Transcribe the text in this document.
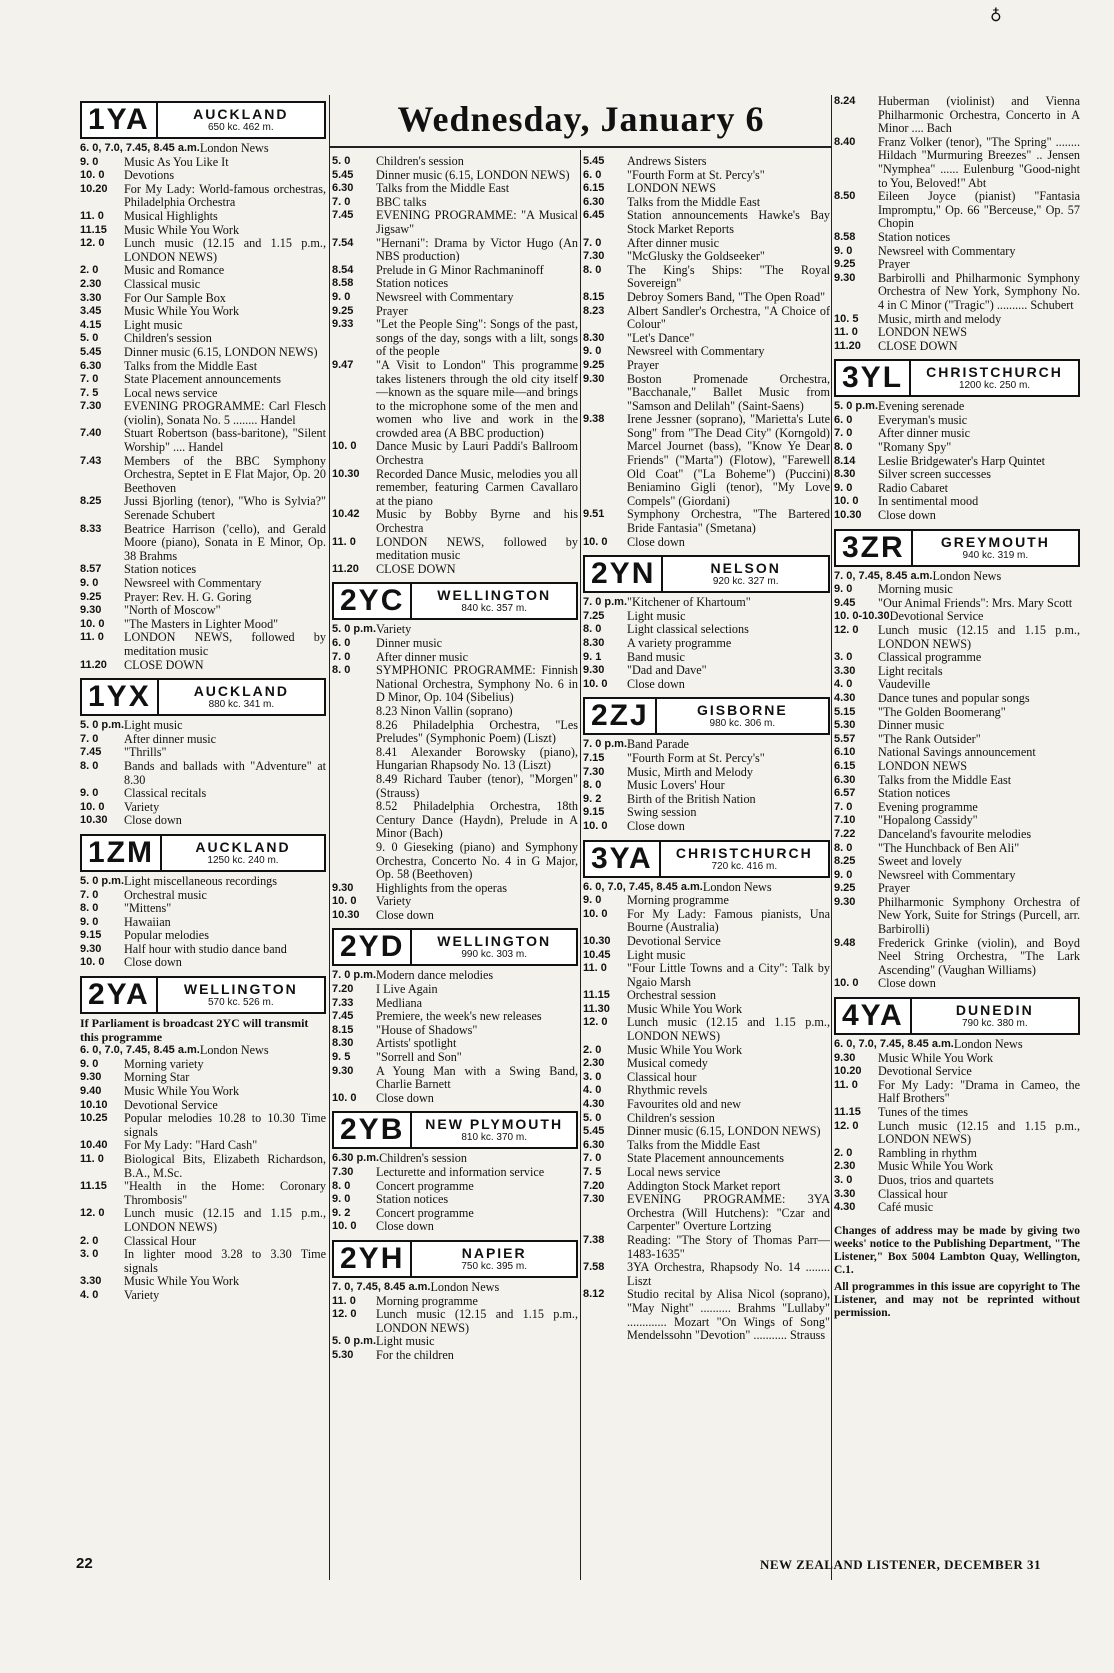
♁
Wednesday, January 6
1YA	AUCKLAND
650 kc. 462 m.
6. 0, 7.0, 7.45, 8.45 a.m. London News
9. 0	Music As You Like It
10. 0	Devotions
10.20	For My Lady: World-famous orchestras, Philadelphia Orchestra
11. 0	Musical Highlights
11.15	Music While You Work
12. 0	Lunch music (12.15 and 1.15 p.m., LONDON NEWS)
2. 0	Music and Romance
2.30	Classical music
3.30	For Our Sample Box
3.45	Music While You Work
4.15	Light music
5. 0	Children's session
5.45	Dinner music (6.15, LONDON NEWS)
6.30	Talks from the Middle East
7. 0	State Placement announcements
7. 5	Local news service
7.30	EVENING PROGRAMME: Carl Flesch (violin), Sonata No. 5 ........ Handel
7.40	Stuart Robertson (bass-baritone), "Silent Worship" .... Handel
7.43	Members of the BBC Symphony Orchestra, Septet in E Flat Major, Op. 20 Beethoven
8.25	Jussi Bjorling (tenor), "Who is Sylvia?" Serenade Schubert
8.33	Beatrice Harrison ('cello), and Gerald Moore (piano), Sonata in E Minor, Op. 38 Brahms
8.57	Station notices
9. 0	Newsreel with Commentary
9.25	Prayer: Rev. H. G. Goring
9.30	"North of Moscow"
10. 0	"The Masters in Lighter Mood"
11. 0	LONDON NEWS, followed by meditation music
11.20	CLOSE DOWN
1YX	AUCKLAND
880 kc. 341 m.
5. 0 p.m. Light music
7. 0	After dinner music
7.45	"Thrills"
8. 0	Bands and ballads with "Adventure" at 8.30
9. 0	Classical recitals
10. 0	Variety
10.30	Close down
1ZM	AUCKLAND
1250 kc. 240 m.
5. 0 p.m. Light miscellaneous recordings
7. 0	Orchestral music
8. 0	"Mittens"
9. 0	Hawaiian
9.15	Popular melodies
9.30	Half hour with studio dance band
10. 0	Close down
2YA	WELLINGTON
570 kc. 526 m.
If Parliament is broadcast 2YC will transmit this programme
6. 0, 7.0, 7.45, 8.45 a.m. London News
9. 0	Morning variety
9.30	Morning Star
9.40	Music While You Work
10.10	Devotional Service
10.25	Popular melodies 10.28 to 10.30 Time signals
10.40	For My Lady: "Hard Cash"
11. 0	Biological Bits, Elizabeth Richardson, B.A., M.Sc.
11.15	"Health in the Home: Coronary Thrombosis"
12. 0	Lunch music (12.15 and 1.15 p.m., LONDON NEWS)
2. 0	Classical Hour
3. 0	In lighter mood 3.28 to 3.30 Time signals
3.30	Music While You Work
4. 0	Variety
5. 0	Children's session
5.45	Dinner music (6.15, LONDON NEWS)
6.30	Talks from the Middle East
7. 0	BBC talks
7.45	EVENING PROGRAMME: "A Musical Jigsaw"
7.54	"Hernani": Drama by Victor Hugo (An NBS production)
8.54	Prelude in G Minor Rachmaninoff
8.58	Station notices
9. 0	Newsreel with Commentary
9.25	Prayer
9.33	"Let the People Sing": Songs of the past, songs of the day, songs with a lilt, songs of the people
9.47	"A Visit to London" This programme takes listeners through the old city itself—known as the square mile—and brings to the microphone some of the men and women who live and work in the crowded area (A BBC production)
10. 0	Dance Music by Lauri Paddi's Ballroom Orchestra
10.30	Recorded Dance Music, melodies you all remember, featuring Carmen Cavallaro at the piano
10.42	Music by Bobby Byrne and his Orchestra
11. 0	LONDON NEWS, followed by meditation music
11.20	CLOSE DOWN
2YC	WELLINGTON
840 kc. 357 m.
5. 0 p.m. Variety
6. 0	Dinner music
7. 0	After dinner music
8. 0	SYMPHONIC PROGRAMME: Finnish National Orchestra, Symphony No. 6 in D Minor, Op. 104 (Sibelius)
8.23 Ninon Vallin (soprano)
8.26 Philadelphia Orchestra, "Les Preludes" (Symphonic Poem) (Liszt)
8.41 Alexander Borowsky (piano), Hungarian Rhapsody No. 13 (Liszt)
8.49 Richard Tauber (tenor), "Morgen" (Strauss)
8.52 Philadelphia Orchestra, 18th Century Dance (Haydn), Prelude in A Minor (Bach)
9. 0 Gieseking (piano) and Symphony Orchestra, Concerto No. 4 in G Major, Op. 58 (Beethoven)
9.30	Highlights from the operas
10. 0	Variety
10.30	Close down
2YD	WELLINGTON
990 kc. 303 m.
7. 0 p.m. Modern dance melodies
7.20	I Live Again
7.33	Medliana
7.45	Premiere, the week's new releases
8.15	"House of Shadows"
8.30	Artists' spotlight
9. 5	"Sorrell and Son"
9.30	A Young Man with a Swing Band, Charlie Barnett
10. 0	Close down
2YB	NEW PLYMOUTH
810 kc. 370 m.
6.30 p.m. Children's session
7.30	Lecturette and information service
8. 0	Concert programme
9. 0	Station notices
9. 2	Concert programme
10. 0	Close down
2YH	NAPIER
750 kc. 395 m.
7. 0, 7.45, 8.45 a.m. London News
11. 0	Morning programme
12. 0	Lunch music (12.15 and 1.15 p.m., LONDON NEWS)
5. 0 p.m. Light music
5.30	For the children
5.45	Andrews Sisters
6. 0	"Fourth Form at St. Percy's"
6.15	LONDON NEWS
6.30	Talks from the Middle East
6.45	Station announcements Hawke's Bay Stock Market Reports
7. 0	After dinner music
7.30	"McGlusky the Goldseeker"
8. 0	The King's Ships: "The Royal Sovereign"
8.15	Debroy Somers Band, "The Open Road"
8.23	Albert Sandler's Orchestra, "A Choice of Colour"
8.30	"Let's Dance"
9. 0	Newsreel with Commentary
9.25	Prayer
9.30	Boston Promenade Orchestra, "Bacchanale," Ballet Music from "Samson and Delilah" (Saint-Saens)
9.38	Irene Jessner (soprano), "Marietta's Lute Song" from "The Dead City" (Korngold) Marcel Journet (bass), "Know Ye Dear Friends" ("Marta") (Flotow), "Farewell Old Coat" ("La Boheme") (Puccini) Beniamino Gigli (tenor), "My Love Compels" (Giordani)
9.51	Symphony Orchestra, "The Bartered Bride Fantasia" (Smetana)
10. 0	Close down
2YN	NELSON
920 kc. 327 m.
7. 0 p.m. "Kitchener of Khartoum"
7.25	Light music
8. 0	Light classical selections
8.30	A variety programme
9. 1	Band music
9.30	"Dad and Dave"
10. 0	Close down
2ZJ	GISBORNE
980 kc. 306 m.
7. 0 p.m. Band Parade
7.15	"Fourth Form at St. Percy's"
7.30	Music, Mirth and Melody
8. 0	Music Lovers' Hour
9. 2	Birth of the British Nation
9.15	Swing session
10. 0	Close down
3YA	CHRISTCHURCH
720 kc. 416 m.
6. 0, 7.0, 7.45, 8.45 a.m. London News
9. 0	Morning programme
10. 0	For My Lady: Famous pianists, Una Bourne (Australia)
10.30	Devotional Service
10.45	Light music
11. 0	"Four Little Towns and a City": Talk by Ngaio Marsh
11.15	Orchestral session
11.30	Music While You Work
12. 0	Lunch music (12.15 and 1.15 p.m., LONDON NEWS)
2. 0	Music While You Work
2.30	Musical comedy
3. 0	Classical hour
4. 0	Rhythmic revels
4.30	Favourites old and new
5. 0	Children's session
5.45	Dinner music (6.15, LONDON NEWS)
6.30	Talks from the Middle East
7. 0	State Placement announcements
7. 5	Local news service
7.20	Addington Stock Market report
7.30	EVENING PROGRAMME: 3YA Orchestra (Will Hutchens): "Czar and Carpenter" Overture Lortzing
7.38	Reading: "The Story of Thomas Parr—1483-1635"
7.58	3YA Orchestra, Rhapsody No. 14 ........ Liszt
8.12	Studio recital by Alisa Nicol (soprano), "May Night" .......... Brahms "Lullaby" ............. Mozart "On Wings of Song" Mendelssohn "Devotion" ........... Strauss
8.24	Huberman (violinist) and Vienna Philharmonic Orchestra, Concerto in A Minor .... Bach
8.40	Franz Volker (tenor), "The Spring" ........ Hildach "Murmuring Breezes" .. Jensen "Nymphea" ...... Eulenburg "Good-night to You, Beloved!" Abt
8.50	Eileen Joyce (pianist) "Fantasia Impromptu," Op. 66 "Berceuse," Op. 57 Chopin
8.58	Station notices
9. 0	Newsreel with Commentary
9.25	Prayer
9.30	Barbirolli and Philharmonic Symphony Orchestra of New York, Symphony No. 4 in C Minor ("Tragic") .......... Schubert
10. 5	Music, mirth and melody
11. 0	LONDON NEWS
11.20	CLOSE DOWN
3YL	CHRISTCHURCH
1200 kc. 250 m.
5. 0 p.m. Evening serenade
6. 0	Everyman's music
7. 0	After dinner music
8. 0	"Romany Spy"
8.14	Leslie Bridgewater's Harp Quintet
8.30	Silver screen successes
9. 0	Radio Cabaret
10. 0	In sentimental mood
10.30	Close down
3ZR	GREYMOUTH
940 kc. 319 m.
7. 0, 7.45, 8.45 a.m. London News
9. 0	Morning music
9.45	"Our Animal Friends": Mrs. Mary Scott
10. 0-10.30 Devotional Service
12. 0	Lunch music (12.15 and 1.15 p.m., LONDON NEWS)
3. 0	Classical programme
3.30	Light recitals
4. 0	Vaudeville
4.30	Dance tunes and popular songs
5.15	"The Golden Boomerang"
5.30	Dinner music
5.57	"The Rank Outsider"
6.10	National Savings announcement
6.15	LONDON NEWS
6.30	Talks from the Middle East
6.57	Station notices
7. 0	Evening programme
7.10	"Hopalong Cassidy"
7.22	Danceland's favourite melodies
8. 0	"The Hunchback of Ben Ali"
8.25	Sweet and lovely
9. 0	Newsreel with Commentary
9.25	Prayer
9.30	Philharmonic Symphony Orchestra of New York, Suite for Strings (Purcell, arr. Barbirolli)
9.48	Frederick Grinke (violin), and Boyd Neel String Orchestra, "The Lark Ascending" (Vaughan Williams)
10. 0	Close down
4YA	DUNEDIN
790 kc. 380 m.
6. 0, 7.0, 7.45, 8.45 a.m. London News
9.30	Music While You Work
10.20	Devotional Service
11. 0	For My Lady: "Drama in Cameo, the Half Brothers"
11.15	Tunes of the times
12. 0	Lunch music (12.15 and 1.15 p.m., LONDON NEWS)
2. 0	Rambling in rhythm
2.30	Music While You Work
3. 0	Duos, trios and quartets
3.30	Classical hour
4.30	Café music
Changes of address may be made by giving two weeks' notice to the Publishing Department, "The Listener," Box 5004 Lambton Quay, Wellington, C.1.
All programmes in this issue are copyright to The Listener, and may not be reprinted without permission.
22	NEW ZEALAND LISTENER, DECEMBER 31
